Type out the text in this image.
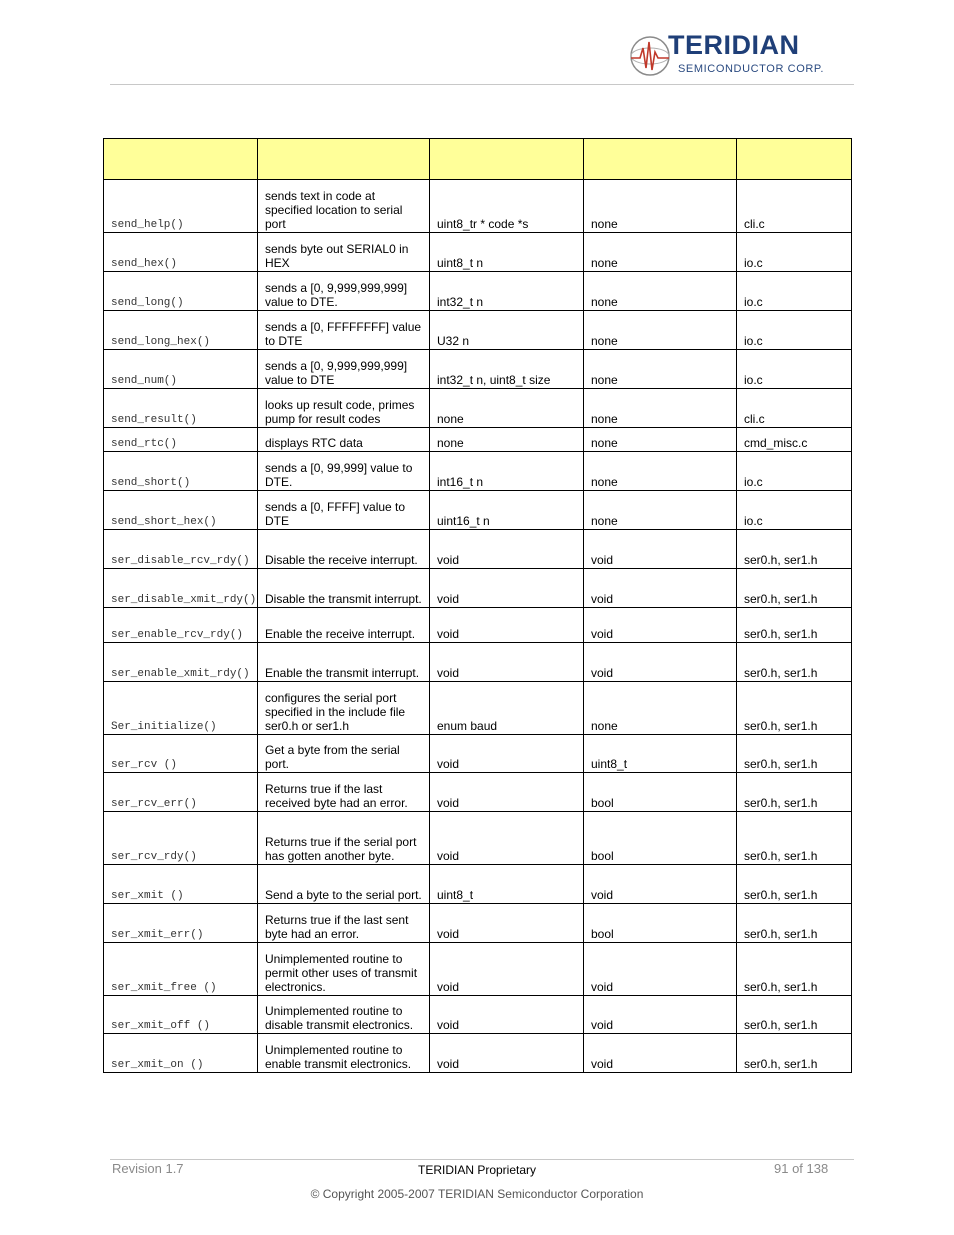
TERIDIAN
SEMICONDUCTOR CORP.

send_help()	sends text in code at specified location to serial port	uint8_tr * code *s	none	cli.c
send_hex()	sends byte out SERIAL0 in HEX	uint8_t n	none	io.c
send_long()	sends a [0, 9,999,999,999] value to DTE.	int32_t n	none	io.c
send_long_hex()	sends a [0, FFFFFFFF] value to DTE	U32 n	none	io.c
send_num()	sends a [0, 9,999,999,999] value to DTE	int32_t n, uint8_t size	none	io.c
send_result()	looks up result code, primes pump for result codes	none	none	cli.c
send_rtc()	displays RTC data	none	none	cmd_misc.c
send_short()	sends a [0, 99,999] value to DTE.	int16_t n	none	io.c
send_short_hex()	sends a [0, FFFF] value to DTE	uint16_t n	none	io.c
ser_disable_rcv_rdy()	Disable the receive interrupt.	void	void	ser0.h, ser1.h
ser_disable_xmit_rdy()	Disable the transmit interrupt.	void	void	ser0.h, ser1.h
ser_enable_rcv_rdy()	Enable the receive interrupt.	void	void	ser0.h, ser1.h
ser_enable_xmit_rdy()	Enable the transmit interrupt.	void	void	ser0.h, ser1.h
Ser_initialize()	configures the serial port specified in the include file ser0.h or ser1.h	enum baud	none	ser0.h, ser1.h
ser_rcv ()	Get a byte from the serial port.	void	uint8_t	ser0.h, ser1.h
ser_rcv_err()	Returns true if the last received byte had an error.	void	bool	ser0.h, ser1.h
ser_rcv_rdy()	Returns true if the serial port has gotten another byte.	void	bool	ser0.h, ser1.h
ser_xmit ()	Send a byte to the serial port.	uint8_t	void	ser0.h, ser1.h
ser_xmit_err()	Returns true if the last sent byte had an error.	void	bool	ser0.h, ser1.h
ser_xmit_free ()	Unimplemented routine to permit other uses of transmit electronics.	void	void	ser0.h, ser1.h
ser_xmit_off ()	Unimplemented routine to disable transmit electronics.	void	void	ser0.h, ser1.h
ser_xmit_on ()	Unimplemented routine to enable transmit electronics.	void	void	ser0.h, ser1.h
Revision 1.7	TERIDIAN Proprietary	91 of 138
© Copyright 2005-2007 TERIDIAN Semiconductor Corporation
